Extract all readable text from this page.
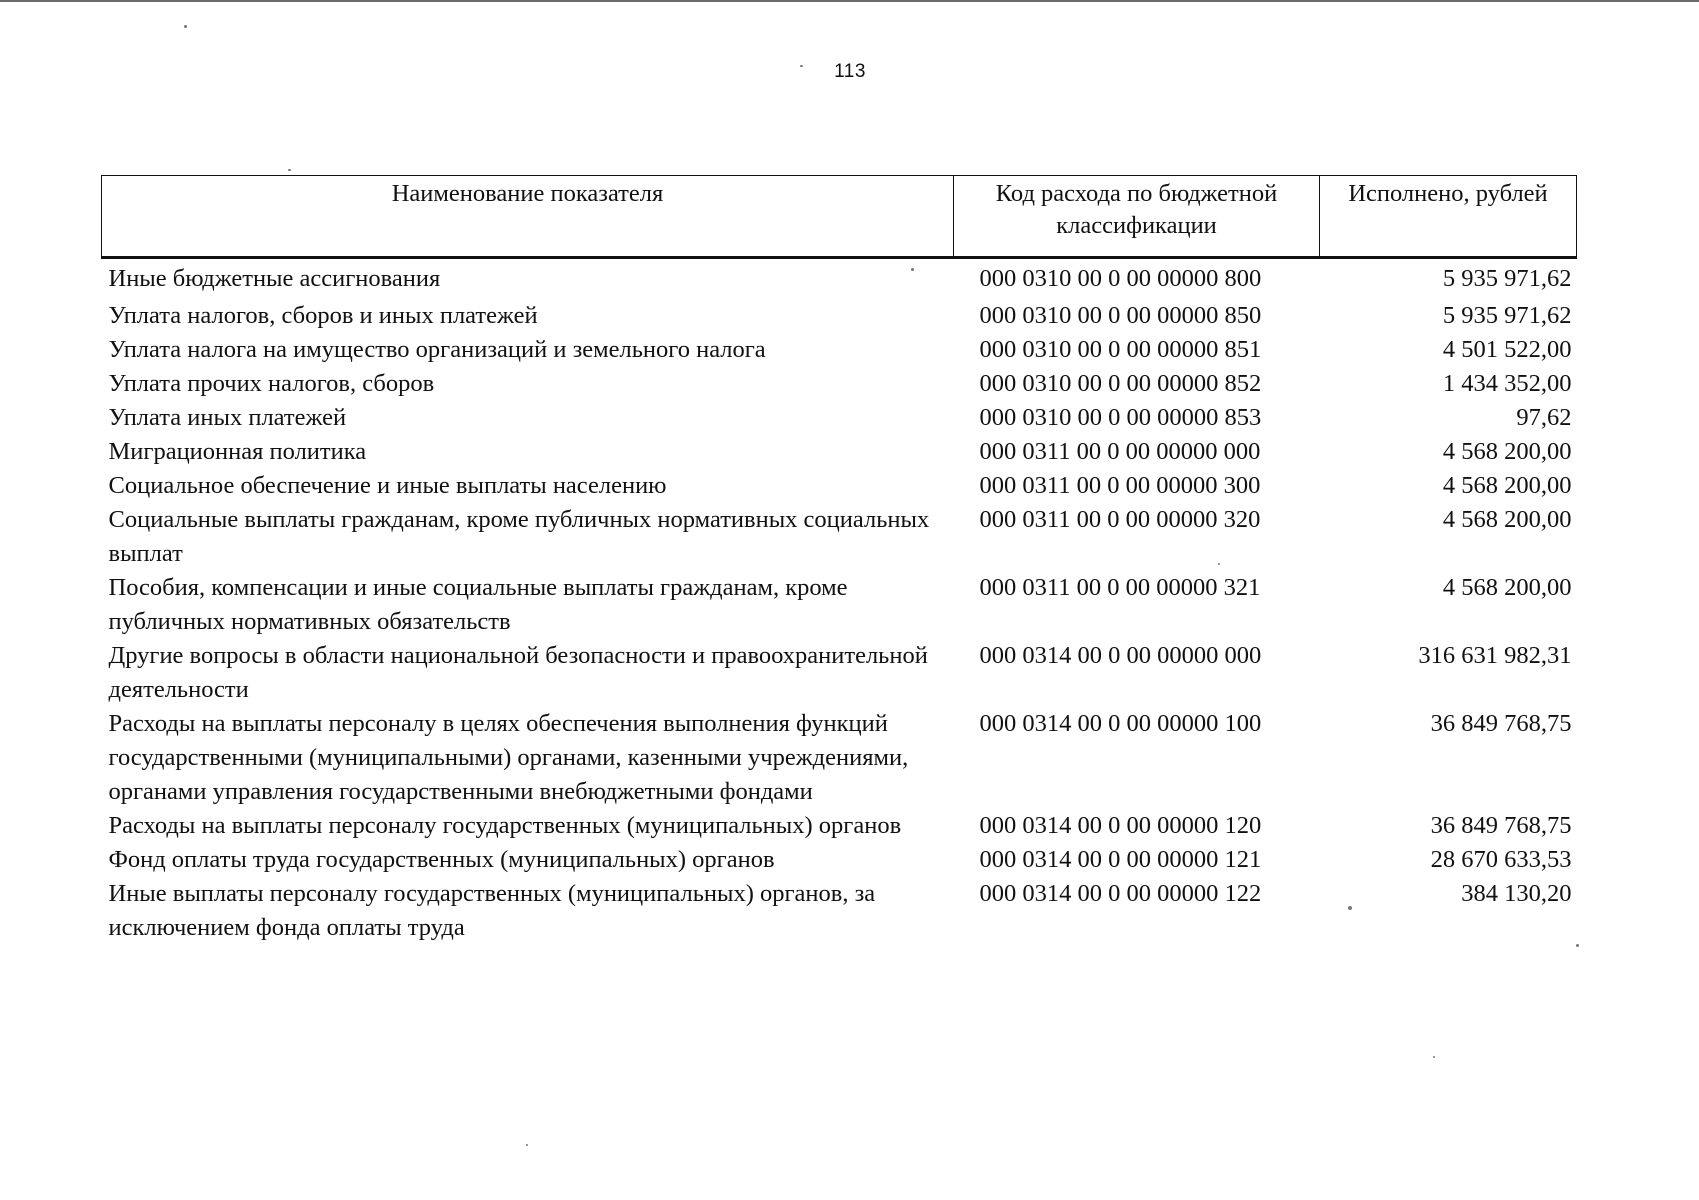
113
Наименование показателя	Код расхода по бюджетной классификации	Исполнено, рублей
Иные бюджетные ассигнования	000 0310 00 0 00 00000 800	5 935 971,62
Уплата налогов, сборов и иных платежей	000 0310 00 0 00 00000 850	5 935 971,62
Уплата налога на имущество организаций и земельного налога	000 0310 00 0 00 00000 851	4 501 522,00
Уплата прочих налогов, сборов	000 0310 00 0 00 00000 852	1 434 352,00
Уплата иных платежей	000 0310 00 0 00 00000 853	97,62
Миграционная политика	000 0311 00 0 00 00000 000	4 568 200,00
Социальное обеспечение и иные выплаты населению	000 0311 00 0 00 00000 300	4 568 200,00
Социальные выплаты гражданам, кроме публичных нормативных социальных выплат	000 0311 00 0 00 00000 320	4 568 200,00
Пособия, компенсации и иные социальные выплаты гражданам, кроме публичных нормативных обязательств	000 0311 00 0 00 00000 321	4 568 200,00
Другие вопросы в области национальной безопасности и правоохранительной деятельности	000 0314 00 0 00 00000 000	316 631 982,31
Расходы на выплаты персоналу в целях обеспечения выполнения функций государственными (муниципальными) органами, казенными учреждениями, органами управления государственными внебюджетными фондами	000 0314 00 0 00 00000 100	36 849 768,75
Расходы на выплаты персоналу государственных (муниципальных) органов	000 0314 00 0 00 00000 120	36 849 768,75
Фонд оплаты труда государственных (муниципальных) органов	000 0314 00 0 00 00000 121	28 670 633,53
Иные выплаты персоналу государственных (муниципальных) органов, за исключением фонда оплаты труда	000 0314 00 0 00 00000 122	384 130,20
